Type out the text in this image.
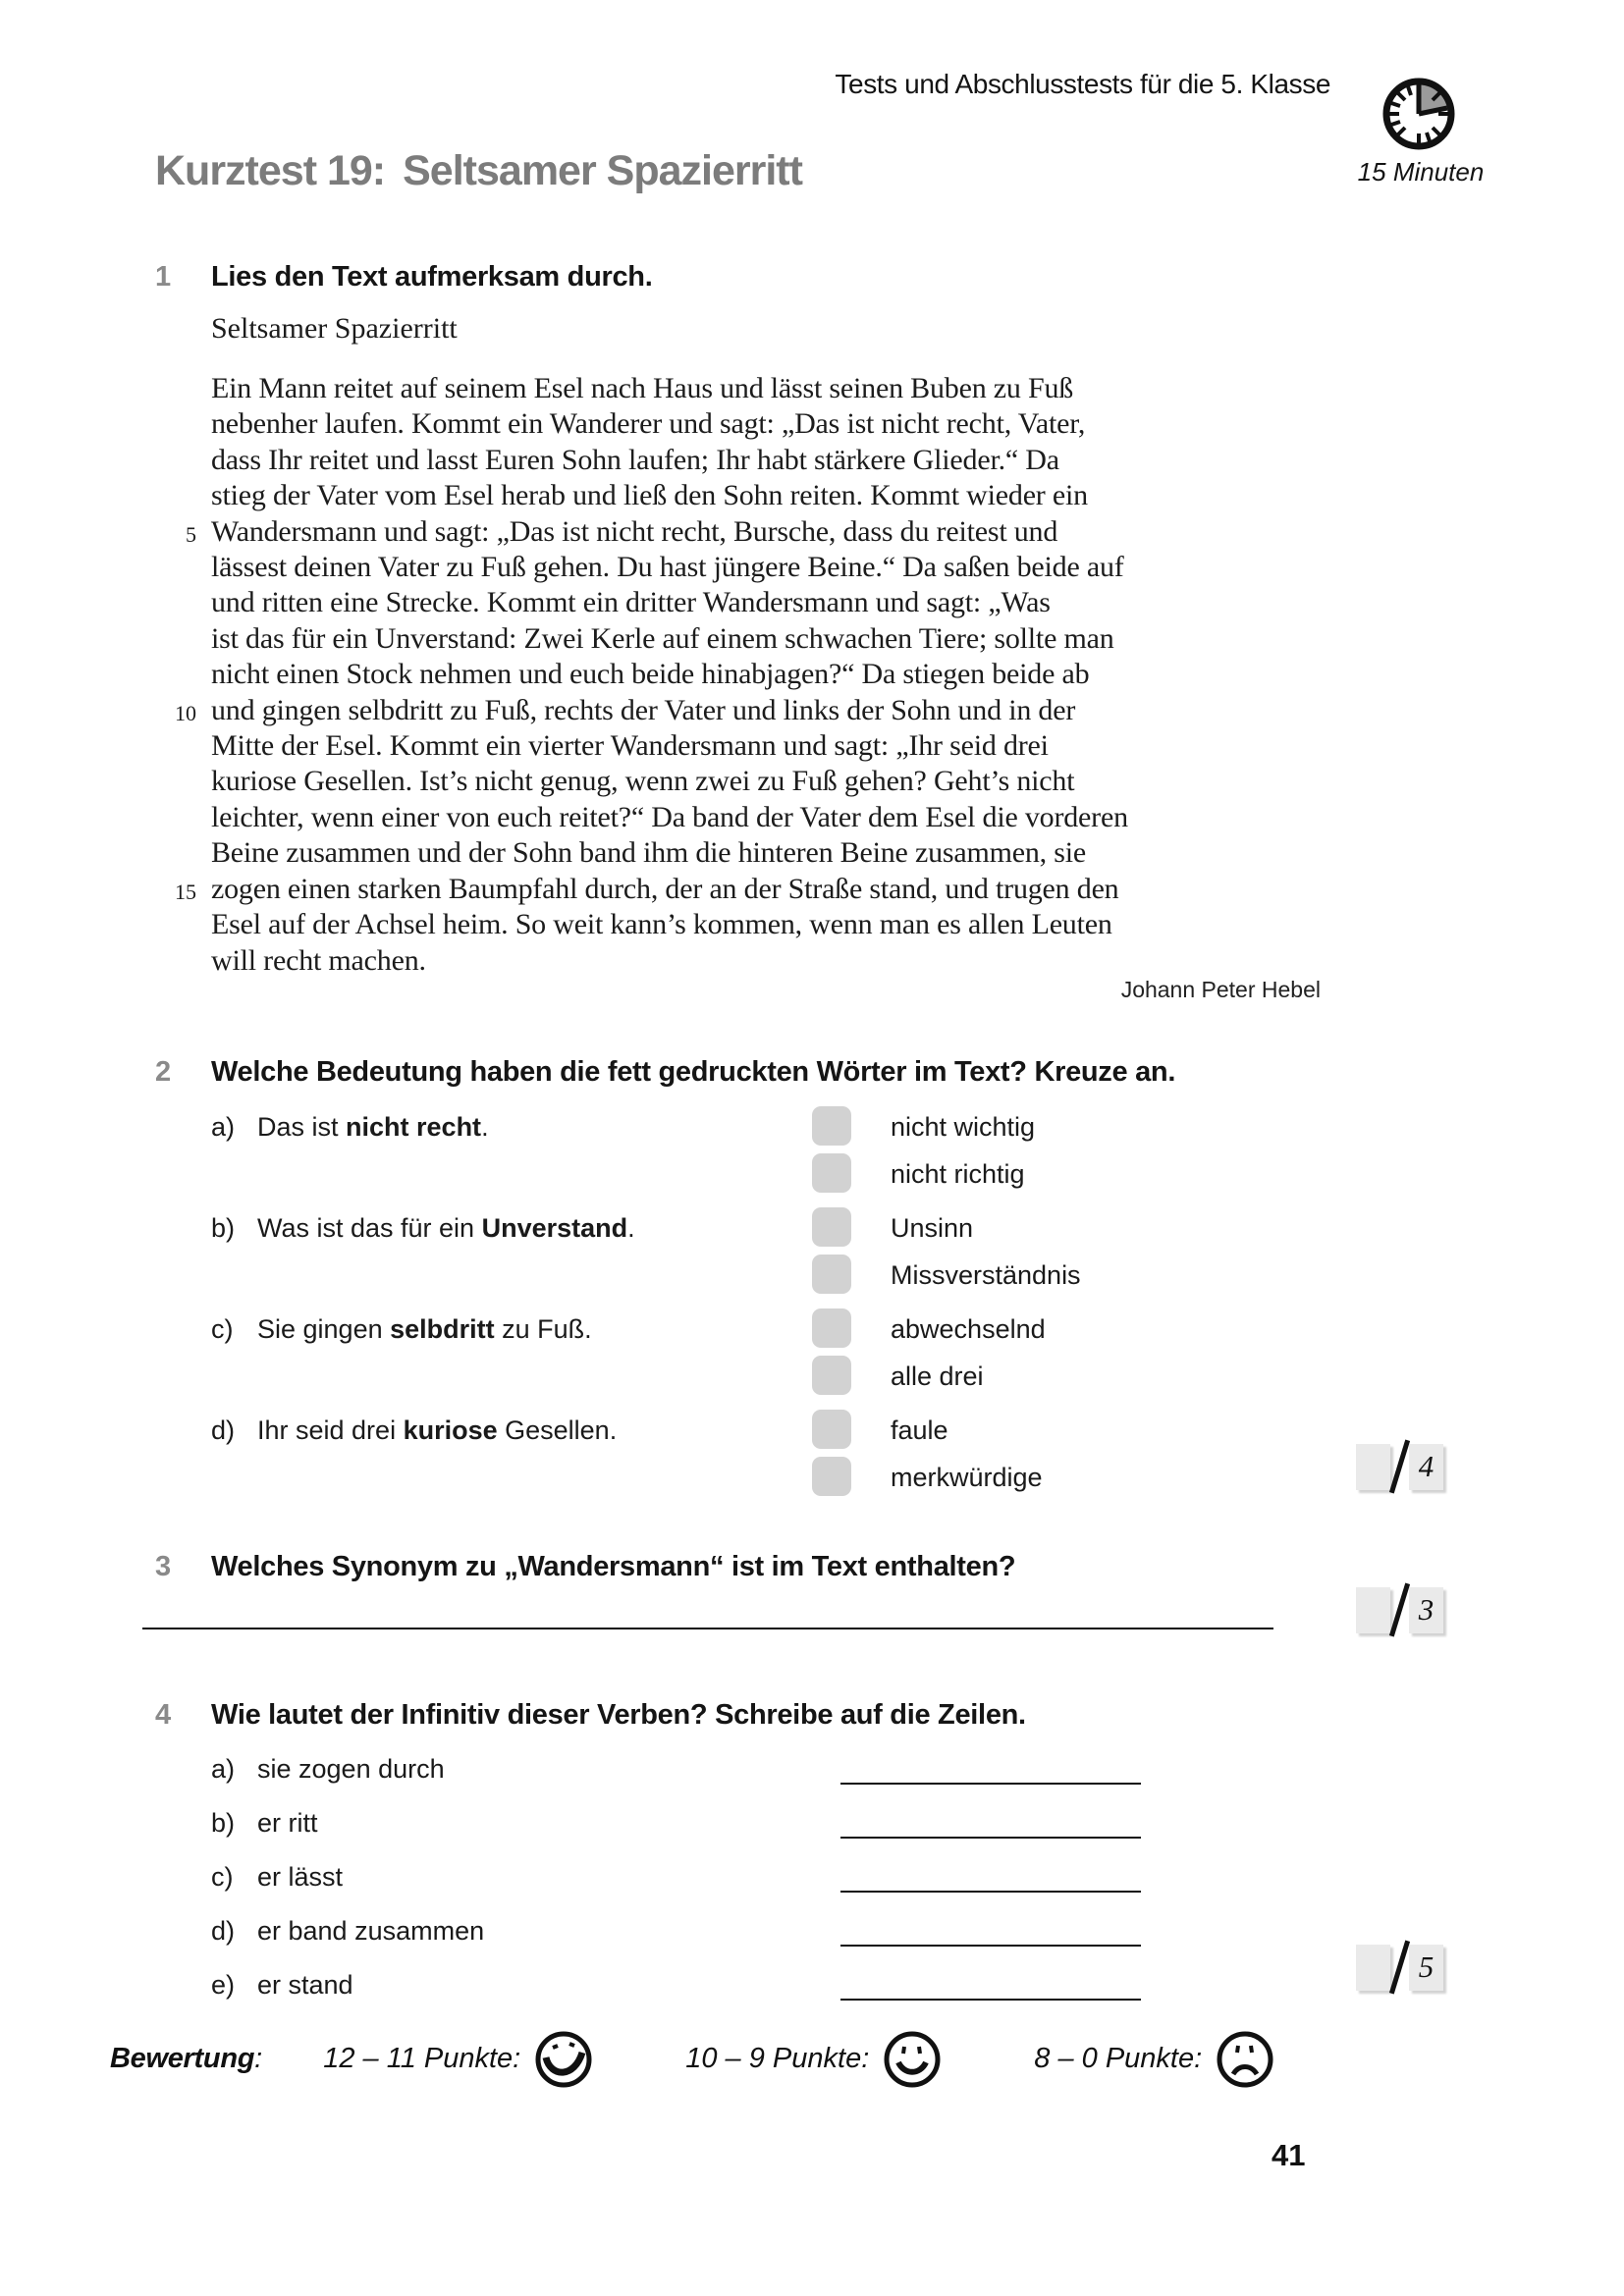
Tests und Abschlusstests für die 5. Klasse
15 Minuten
Kurztest 19: Seltsamer Spazierritt
1 Lies den Text aufmerksam durch.
Seltsamer Spazierritt
5
10
15
Ein Mann reitet auf seinem Esel nach Haus und lässt seinen Buben zu Fuß
nebenher laufen. Kommt ein Wanderer und sagt: „Das ist nicht recht, Vater,
dass Ihr reitet und lasst Euren Sohn laufen; Ihr habt stärkere Glieder.“ Da
stieg der Vater vom Esel herab und ließ den Sohn reiten. Kommt wieder ein
Wandersmann und sagt: „Das ist nicht recht, Bursche, dass du reitest und
lässest deinen Vater zu Fuß gehen. Du hast jüngere Beine.“ Da saßen beide auf
und ritten eine Strecke. Kommt ein dritter Wandersmann und sagt: „Was
ist das für ein Unverstand: Zwei Kerle auf einem schwachen Tiere; sollte man
nicht einen Stock nehmen und euch beide hinabjagen?“ Da stiegen beide ab
und gingen selbdritt zu Fuß, rechts der Vater und links der Sohn und in der
Mitte der Esel. Kommt ein vierter Wandersmann und sagt: „Ihr seid drei
kuriose Gesellen. Ist’s nicht genug, wenn zwei zu Fuß gehen? Geht’s nicht
leichter, wenn einer von euch reitet?“ Da band der Vater dem Esel die vorderen
Beine zusammen und der Sohn band ihm die hinteren Beine zusammen, sie
zogen einen starken Baumpfahl durch, der an der Straße stand, und trugen den
Esel auf der Achsel heim. So weit kann’s kommen, wenn man es allen Leuten
will recht machen.
Johann Peter Hebel
2 Welche Bedeutung haben die fett gedruckten Wörter im Text? Kreuze an.
a) Das ist nicht recht.	nicht wichtig
nicht richtig
b) Was ist das für ein Unverstand.	Unsinn
Missverständnis
c) Sie gingen selbdritt zu Fuß.	abwechselnd
alle drei
d) Ihr seid drei kuriose Gesellen.	faule
merkwürdige	4
3 Welches Synonym zu „Wandersmann“ ist im Text enthalten?
3
4 Wie lautet der Infinitiv dieser Verben? Schreibe auf die Zeilen.
a) sie zogen durch
b) er ritt
c) er lässt
d) er band zusammen
e) er stand
5
Bewertung : 12 – 11 Punkte:	10 – 9 Punkte:	8 – 0 Punkte:
41
